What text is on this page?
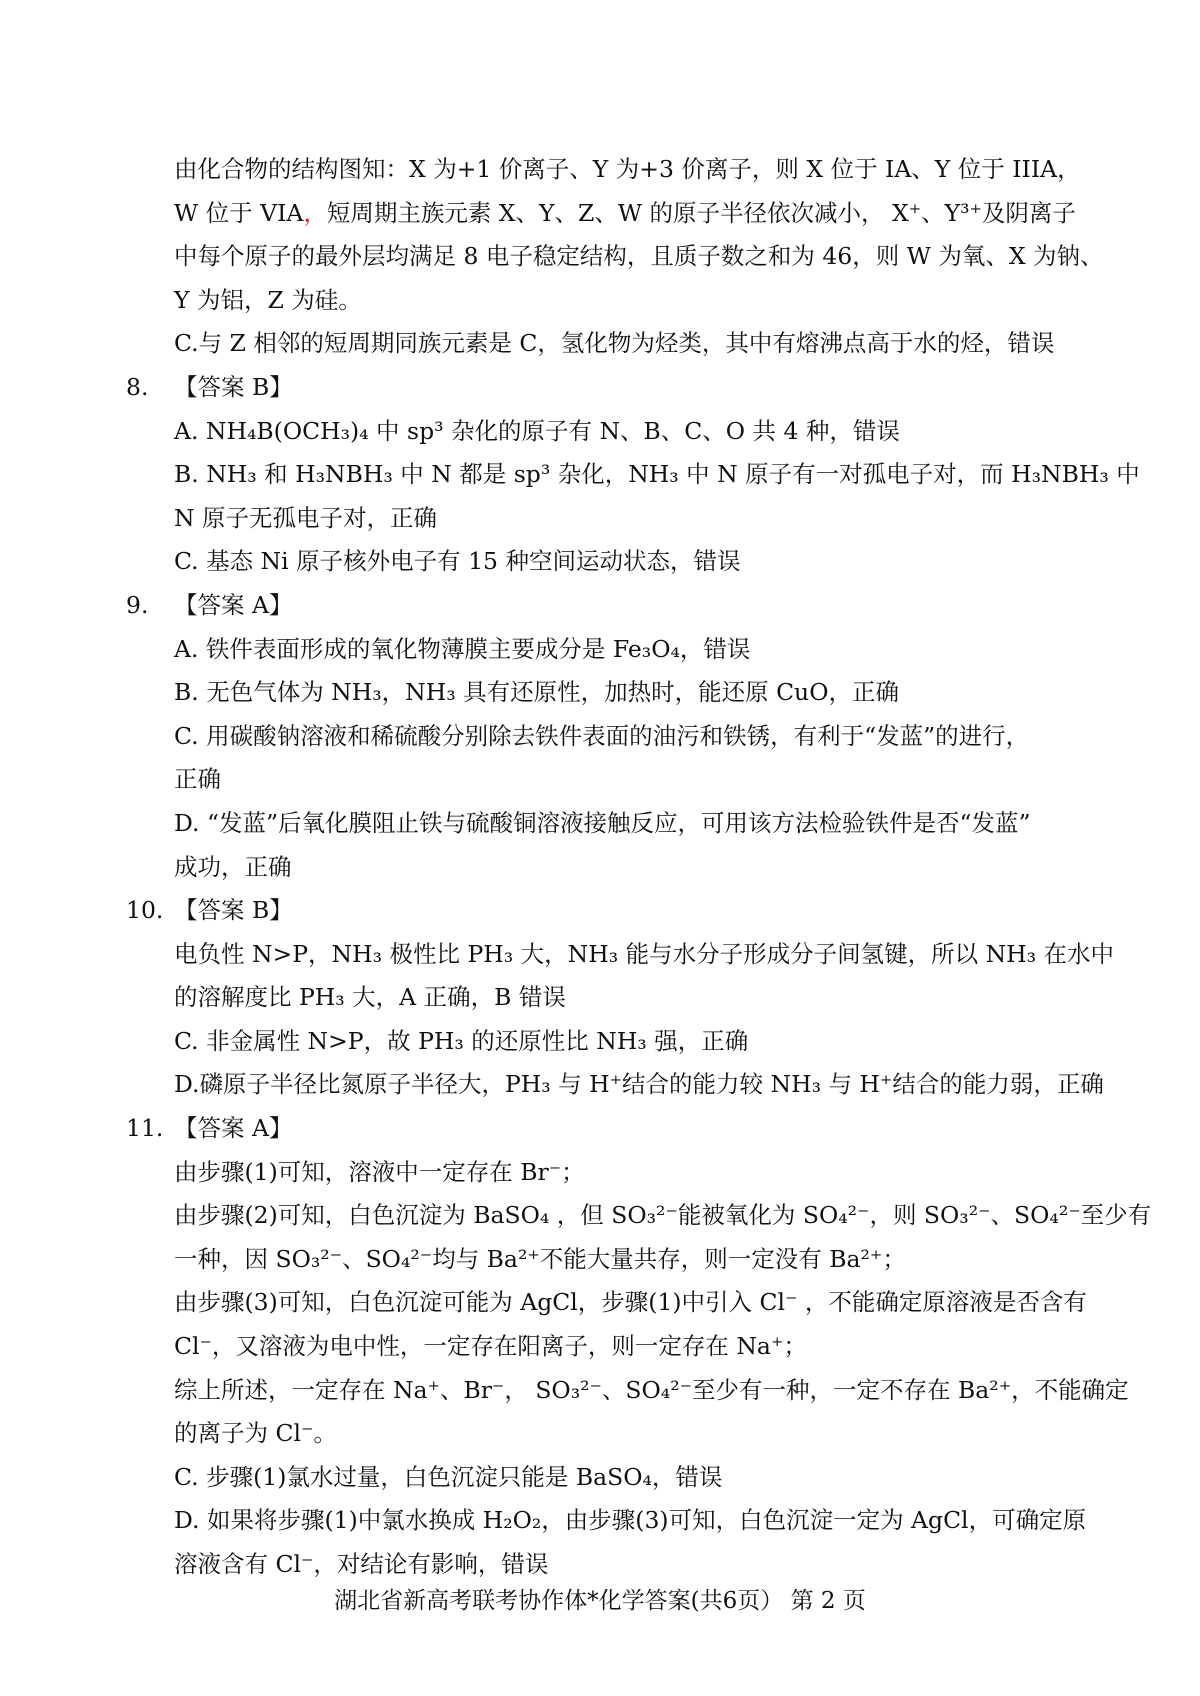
由化合物的结构图知：X 为+1 价离子、Y 为+3 价离子，则 X 位于 IA、Y 位于 IIIA，
W 位于 VIA，短周期主族元素 X、Y、Z、W 的原子半径依次减小， X⁺、Y³⁺及阴离子
中每个原子的最外层均满足 8 电子稳定结构，且质子数之和为 46，则 W 为氧、X 为钠、
Y 为铝，Z 为硅。
C.与 Z 相邻的短周期同族元素是 C，氢化物为烃类，其中有熔沸点高于水的烃，错误
8. 【答案 B】
A. NH₄B(OCH₃)₄ 中 sp³ 杂化的原子有 N、B、C、O 共 4 种，错误
B. NH₃ 和 H₃NBH₃ 中 N 都是 sp³ 杂化，NH₃ 中 N 原子有一对孤电子对，而 H₃NBH₃ 中
N 原子无孤电子对，正确
C. 基态 Ni 原子核外电子有 15 种空间运动状态，错误
9. 【答案 A】
A. 铁件表面形成的氧化物薄膜主要成分是 Fe₃O₄，错误
B. 无色气体为 NH₃，NH₃ 具有还原性，加热时，能还原 CuO，正确
C. 用碳酸钠溶液和稀硫酸分别除去铁件表面的油污和铁锈，有利于“发蓝”的进行，
正确
D. “发蓝”后氧化膜阻止铁与硫酸铜溶液接触反应，可用该方法检验铁件是否“发蓝”
成功，正确
10. 【答案 B】
电负性 N>P，NH₃ 极性比 PH₃ 大，NH₃ 能与水分子形成分子间氢键，所以 NH₃ 在水中
的溶解度比 PH₃ 大，A 正确，B 错误
C. 非金属性 N>P，故 PH₃ 的还原性比 NH₃ 强，正确
D.磷原子半径比氮原子半径大，PH₃ 与 H⁺结合的能力较 NH₃ 与 H⁺结合的能力弱，正确
11. 【答案 A】
由步骤(1)可知，溶液中一定存在 Br⁻；
由步骤(2)可知，白色沉淀为 BaSO₄ ，但 SO₃²⁻能被氧化为 SO₄²⁻，则 SO₃²⁻、SO₄²⁻至少有
一种，因 SO₃²⁻、SO₄²⁻均与 Ba²⁺不能大量共存，则一定没有 Ba²⁺；
由步骤(3)可知，白色沉淀可能为 AgCl，步骤(1)中引入 Cl⁻ ，不能确定原溶液是否含有
Cl⁻，又溶液为电中性，一定存在阳离子，则一定存在 Na⁺；
综上所述，一定存在 Na⁺、Br⁻， SO₃²⁻、SO₄²⁻至少有一种，一定不存在 Ba²⁺，不能确定
的离子为 Cl⁻。
C. 步骤(1)氯水过量，白色沉淀只能是 BaSO₄，错误
D. 如果将步骤(1)中氯水换成 H₂O₂，由步骤(3)可知，白色沉淀一定为 AgCl，可确定原
溶液含有 Cl⁻，对结论有影响，错误
湖北省新高考联考协作体*化学答案(共6页） 第 2 页
